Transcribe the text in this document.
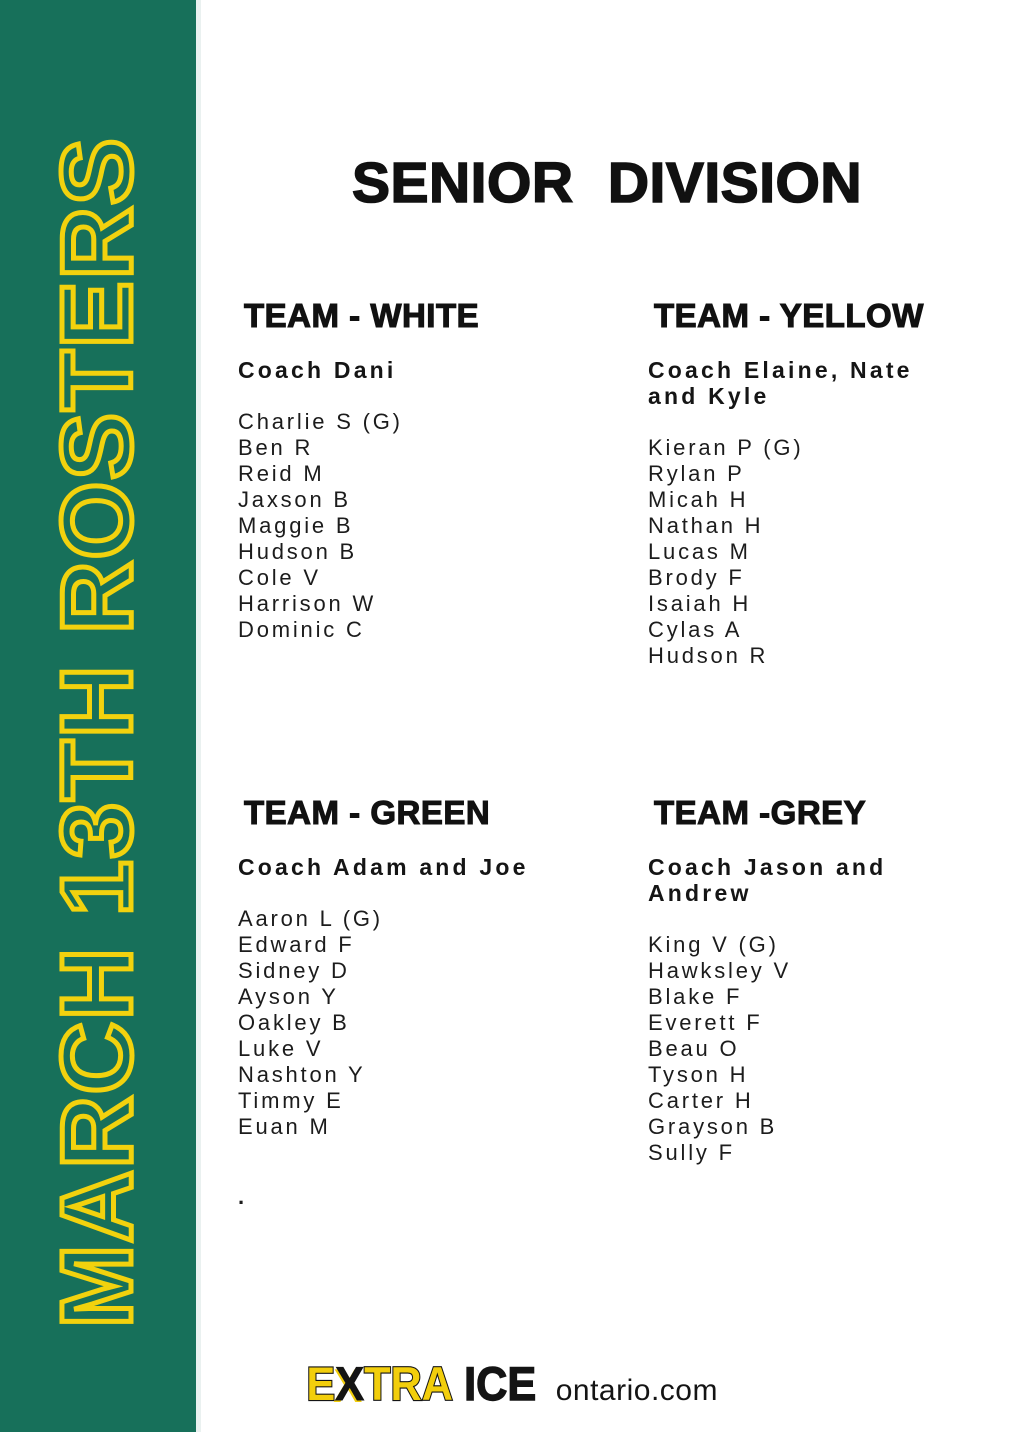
MARCH 13TH ROSTERS	SENIOR DIVISION
TEAM - WHITE
Coach Dani
Charlie S (G)
Ben R
Reid M
Jaxson B
Maggie B
Hudson B
Cole V
Harrison W
Dominic C
TEAM - YELLOW
Coach Elaine, Nate
and Kyle
Kieran P (G)
Rylan P
Micah H
Nathan H
Lucas M
Brody F
Isaiah H
Cylas A
Hudson R
TEAM - GREEN
Coach Adam and Joe
Aaron L (G)
Edward F
Sidney D
Ayson Y
Oakley B
Luke V
Nashton Y
Timmy E
Euan M
.
TEAM -GREY
Coach Jason and
Andrew
King V (G)
Hawksley V
Blake F
Everett F
Beau O
Tyson H
Carter H
Grayson B
Sully F
EXTRA ICE ontario.com
